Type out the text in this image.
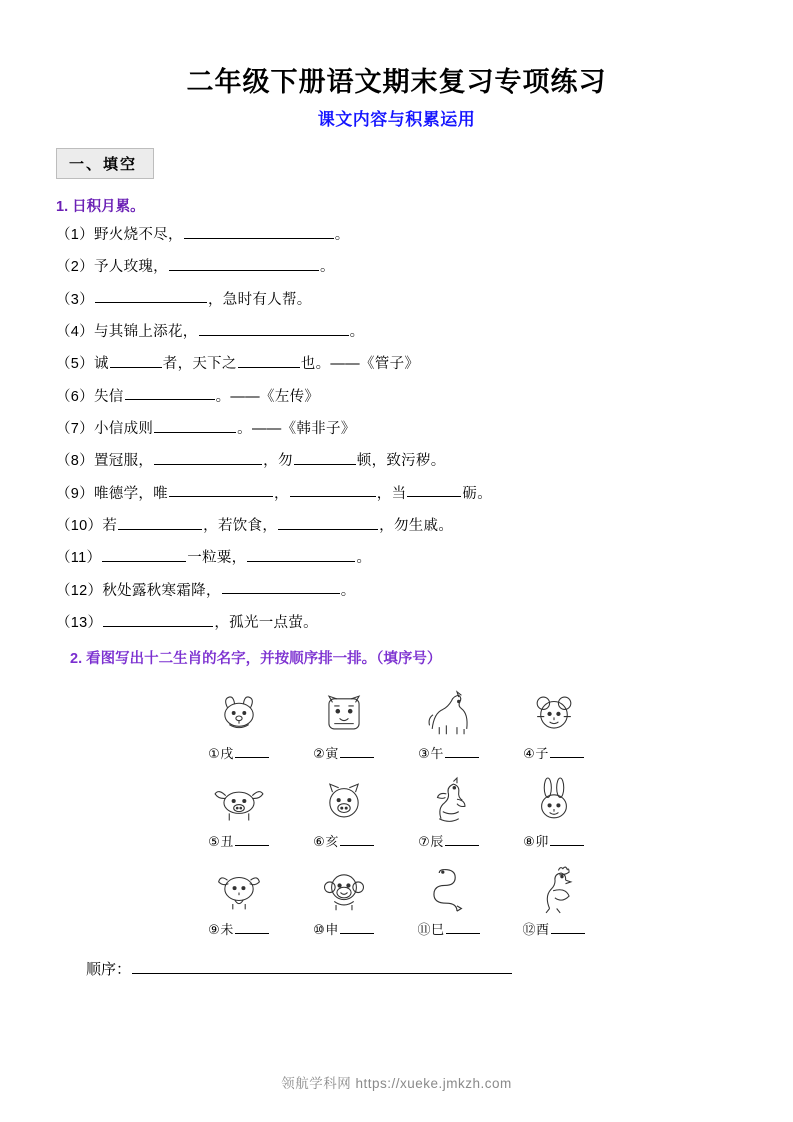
二年级下册语文期末复习专项练习
课文内容与积累运用
一、填空
1. 日积月累。
（1）野火烧不尽，	。
（2）予人玫瑰，	。
（3）	，急时有人帮。
（4）与其锦上添花，	。
（5）诚	者，天下之	也。——《管子》
（6）失信	。——《左传》
（7）小信成则	。——《韩非子》
（8）置冠服，	，勿	顿，致污秽。
（9）唯德学，唯	，	，当	砺。
（10）若	，若饮食，	，勿生戚。
（11）	一粒粟，	。
（12）秋处露秋寒霜降，	。
（13）	，孤光一点萤。
2. 看图写出十二生肖的名字，并按顺序排一排。（填序号）
①戌	②寅	③午	④子
⑤丑	⑥亥	⑦辰	⑧卯
⑨未	⑩申	⑪巳	⑫酉
顺序：
领航学科网 https://xueke.jmkzh.com
